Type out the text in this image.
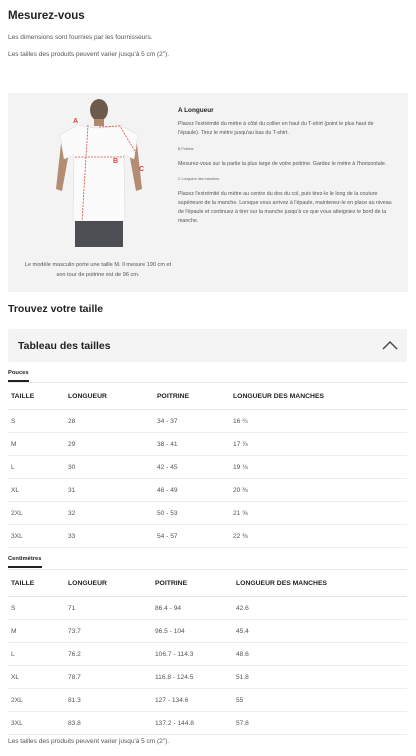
Mesurez-vous
Les dimensions sont fournies par les fournisseurs.
Les tailles des produits peuvent varier jusqu'à 5 cm (2").
A
B
C
Le modèle masculin porte une taille M. Il mesure 190 cm et son tour de poitrine est de 96 cm.
A Longueur
Placez l'extrémité du mètre à côté du collier en haut du T-shirt (point le plus haut de l'épaule). Tirez le mètre jusqu'au bas du T-shirt.
B Poitrine
Mesurez-vous sur la partie la plus large de votre poitrine. Gardez le mètre à l'horizontale.
C Longueur des manches
Placez l'extrémité du mètre au centre du dos du col, puis tirez-le le long de la couture supérieure de la manche. Lorsque vous arrivez à l'épaule, maintenez-le en place au niveau de l'épaule et continuez à tirer sur la manche jusqu'à ce que vous atteigniez le bord de la manche.
Trouvez votre taille
Tableau des tailles
Pouces
TAILLE	LONGUEUR	POITRINE	LONGUEUR DES MANCHES
S	28	34 - 37	16 ¾
M	29	38 - 41	17 ⅞
L	30	42 - 45	19 ⅛
XL	31	46 - 49	20 ⅜
2XL	32	50 - 53	21 ⅝
3XL	33	54 - 57	22 ⅜
Centimètres
TAILLE	LONGUEUR	POITRINE	LONGUEUR DES MANCHES
S	71	86.4 - 94	42.6
M	73.7	96.5 - 104	45.4
L	76.2	106.7 - 114.3	48.6
XL	78.7	116.8 - 124.5	51.8
2XL	81.3	127 - 134.6	55
3XL	83.8	137.2 - 144.8	57.8
Les tailles des produits peuvent varier jusqu'à 5 cm (2").
